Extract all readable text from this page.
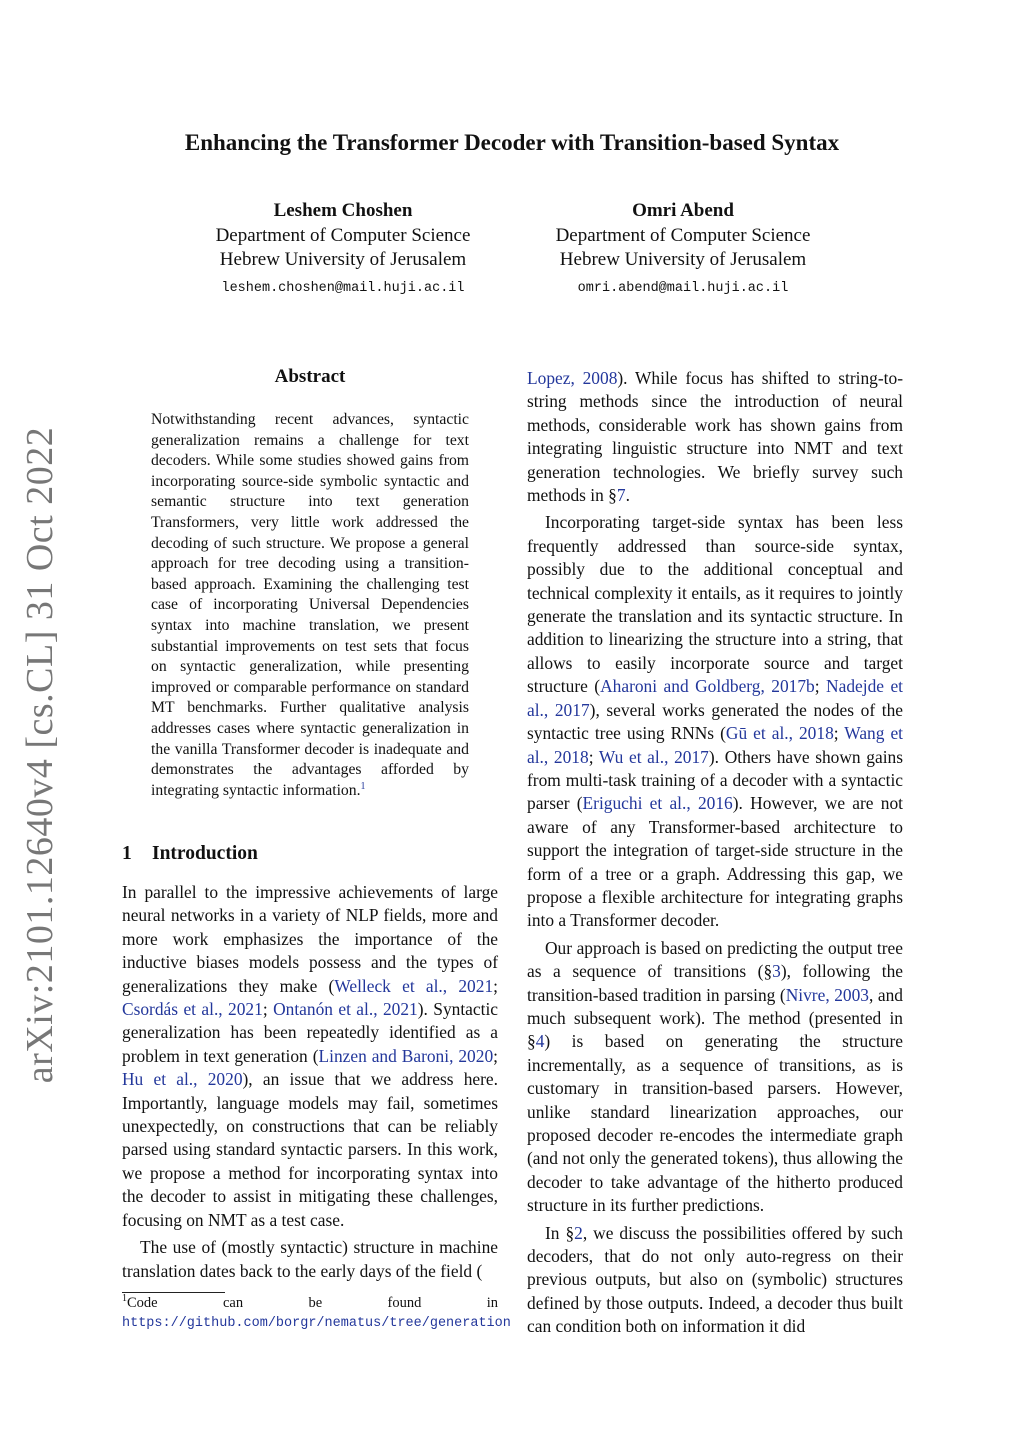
arXiv:2101.12640v4 [cs.CL] 31 Oct 2022
Enhancing the Transformer Decoder with Transition-based Syntax
Leshem Choshen
Department of Computer Science
Hebrew University of Jerusalem
leshem.choshen@mail.huji.ac.il
Omri Abend
Department of Computer Science
Hebrew University of Jerusalem
omri.abend@mail.huji.ac.il
Abstract
Notwithstanding recent advances, syntactic generalization remains a challenge for text decoders. While some studies showed gains from incorporating source-side symbolic syntactic and semantic structure into text generation Transformers, very little work addressed the decoding of such structure. We propose a general approach for tree decoding using a transition-based approach. Examining the challenging test case of incorporating Universal Dependencies syntax into machine translation, we present substantial improvements on test sets that focus on syntactic generalization, while presenting improved or comparable performance on standard MT benchmarks. Further qualitative analysis addresses cases where syntactic generalization in the vanilla Transformer decoder is inadequate and demonstrates the advantages afforded by integrating syntactic information.$^1$
1 Introduction

In parallel to the impressive achievements of large neural networks in a variety of NLP fields, more and more work emphasizes the importance of the inductive biases models possess and the types of generalizations they make (Welleck et al., 2021; Csordás et al., 2021; Ontanón et al., 2021). Syntactic generalization has been repeatedly identified as a problem in text generation (Linzen and Baroni, 2020; Hu et al., 2020), an issue that we address here. Importantly, language models may fail, sometimes unexpectedly, on constructions that can be reliably parsed using standard syntactic parsers. In this work, we propose a method for incorporating syntax into the decoder to assist in mitigating these challenges, focusing on NMT as a test case.

The use of (mostly syntactic) structure in machine translation dates back to the early days of the field (

$^1$Code can be found in https://github.com/borgr/nematus/tree/generation

Lopez, 2008). While focus has shifted to string-to-string methods since the introduction of neural methods, considerable work has shown gains from integrating linguistic structure into NMT and text generation technologies. We briefly survey such methods in §7.

Incorporating target-side syntax has been less frequently addressed than source-side syntax, possibly due to the additional conceptual and technical complexity it entails, as it requires to jointly generate the translation and its syntactic structure. In addition to linearizing the structure into a string, that allows to easily incorporate source and target structure (Aharoni and Goldberg, 2017b; Nadejde et al., 2017), several works generated the nodes of the syntactic tree using RNNs (Gū et al., 2018; Wang et al., 2018; Wu et al., 2017). Others have shown gains from multi-task training of a decoder with a syntactic parser (Eriguchi et al., 2016). However, we are not aware of any Transformer-based architecture to support the integration of target-side structure in the form of a tree or a graph. Addressing this gap, we propose a flexible architecture for integrating graphs into a Transformer decoder.

Our approach is based on predicting the output tree as a sequence of transitions (§3), following the transition-based tradition in parsing (Nivre, 2003, and much subsequent work). The method (presented in §4) is based on generating the structure incrementally, as a sequence of transitions, as is customary in transition-based parsers. However, unlike standard linearization approaches, our proposed decoder re-encodes the intermediate graph (and not only the generated tokens), thus allowing the decoder to take advantage of the hitherto produced structure in its further predictions.

In §2, we discuss the possibilities offered by such decoders, that do not only auto-regress on their previous outputs, but also on (symbolic) structures defined by those outputs. Indeed, a decoder thus built can condition both on information it did
